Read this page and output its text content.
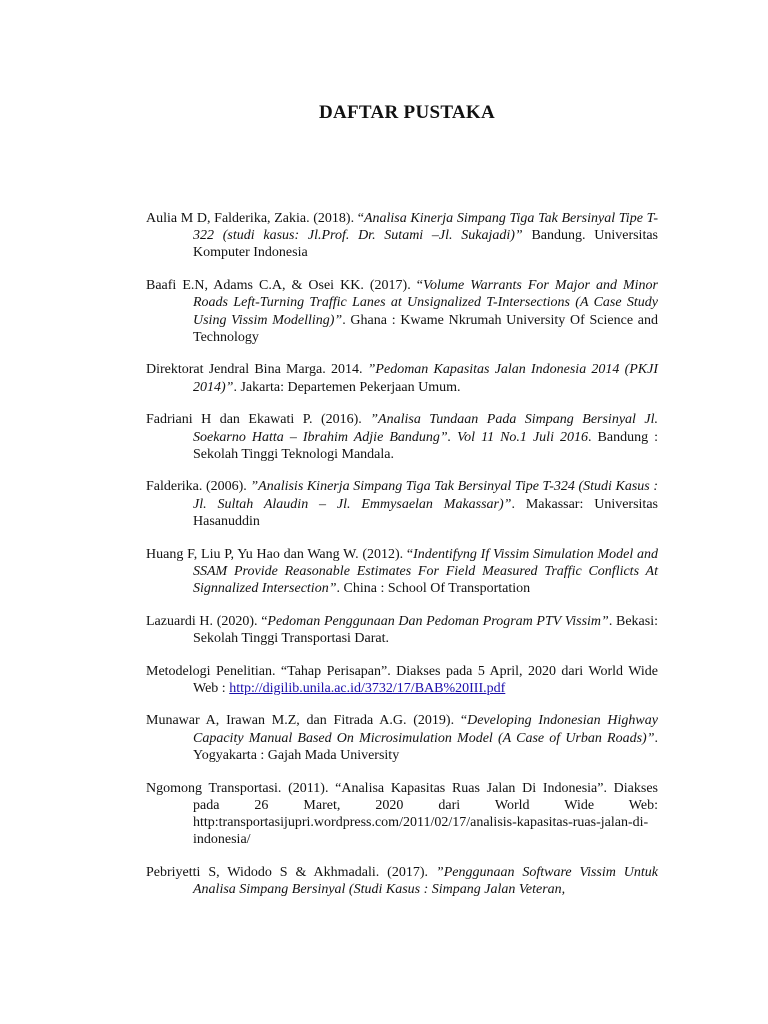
DAFTAR PUSTAKA
Aulia M D, Falderika, Zakia. (2018). “Analisa Kinerja Simpang Tiga Tak Bersinyal Tipe T-322 (studi kasus: Jl.Prof. Dr. Sutami –Jl. Sukajadi)” Bandung. Universitas Komputer Indonesia
Baafi E.N, Adams C.A, & Osei KK. (2017). “Volume Warrants For Major and Minor Roads Left-Turning Traffic Lanes at Unsignalized T-Intersections (A Case Study Using Vissim Modelling)”. Ghana : Kwame Nkrumah University Of Science and Technology
Direktorat Jendral Bina Marga. 2014. ”Pedoman Kapasitas Jalan Indonesia 2014 (PKJI 2014)”. Jakarta: Departemen Pekerjaan Umum.
Fadriani H dan Ekawati P. (2016). ”Analisa Tundaan Pada Simpang Bersinyal Jl. Soekarno Hatta – Ibrahim Adjie Bandung”. Vol 11 No.1 Juli 2016. Bandung : Sekolah Tinggi Teknologi Mandala.
Falderika. (2006). ”Analisis Kinerja Simpang Tiga Tak Bersinyal Tipe T-324 (Studi Kasus : Jl. Sultah Alaudin – Jl. Emmysaelan Makassar)”. Makassar: Universitas Hasanuddin
Huang F, Liu P, Yu Hao dan Wang W. (2012). “Indentifyng If Vissim Simulation Model and SSAM Provide Reasonable Estimates For Field Measured Traffic Conflicts At Signnalized Intersection”. China : School Of Transportation
Lazuardi H. (2020). “Pedoman Penggunaan Dan Pedoman Program PTV Vissim”. Bekasi: Sekolah Tinggi Transportasi Darat.
Metodelogi Penelitian. “Tahap Perisapan”. Diakses pada 5 April, 2020 dari World Wide Web : http://digilib.unila.ac.id/3732/17/BAB%20III.pdf
Munawar A, Irawan M.Z, dan Fitrada A.G. (2019). “Developing Indonesian Highway Capacity Manual Based On Microsimulation Model (A Case of Urban Roads)”. Yogyakarta : Gajah Mada University
Ngomong Transportasi. (2011). “Analisa Kapasitas Ruas Jalan Di Indonesia”. Diakses pada 26 Maret, 2020 dari World Wide Web: http:transportasijupri.wordpress.com/2011/02/17/analisis-kapasitas-ruas-jalan-di-indonesia/
Pebriyetti S, Widodo S & Akhmadali. (2017). ”Penggunaan Software Vissim Untuk Analisa Simpang Bersinyal (Studi Kasus : Simpang Jalan Veteran,
